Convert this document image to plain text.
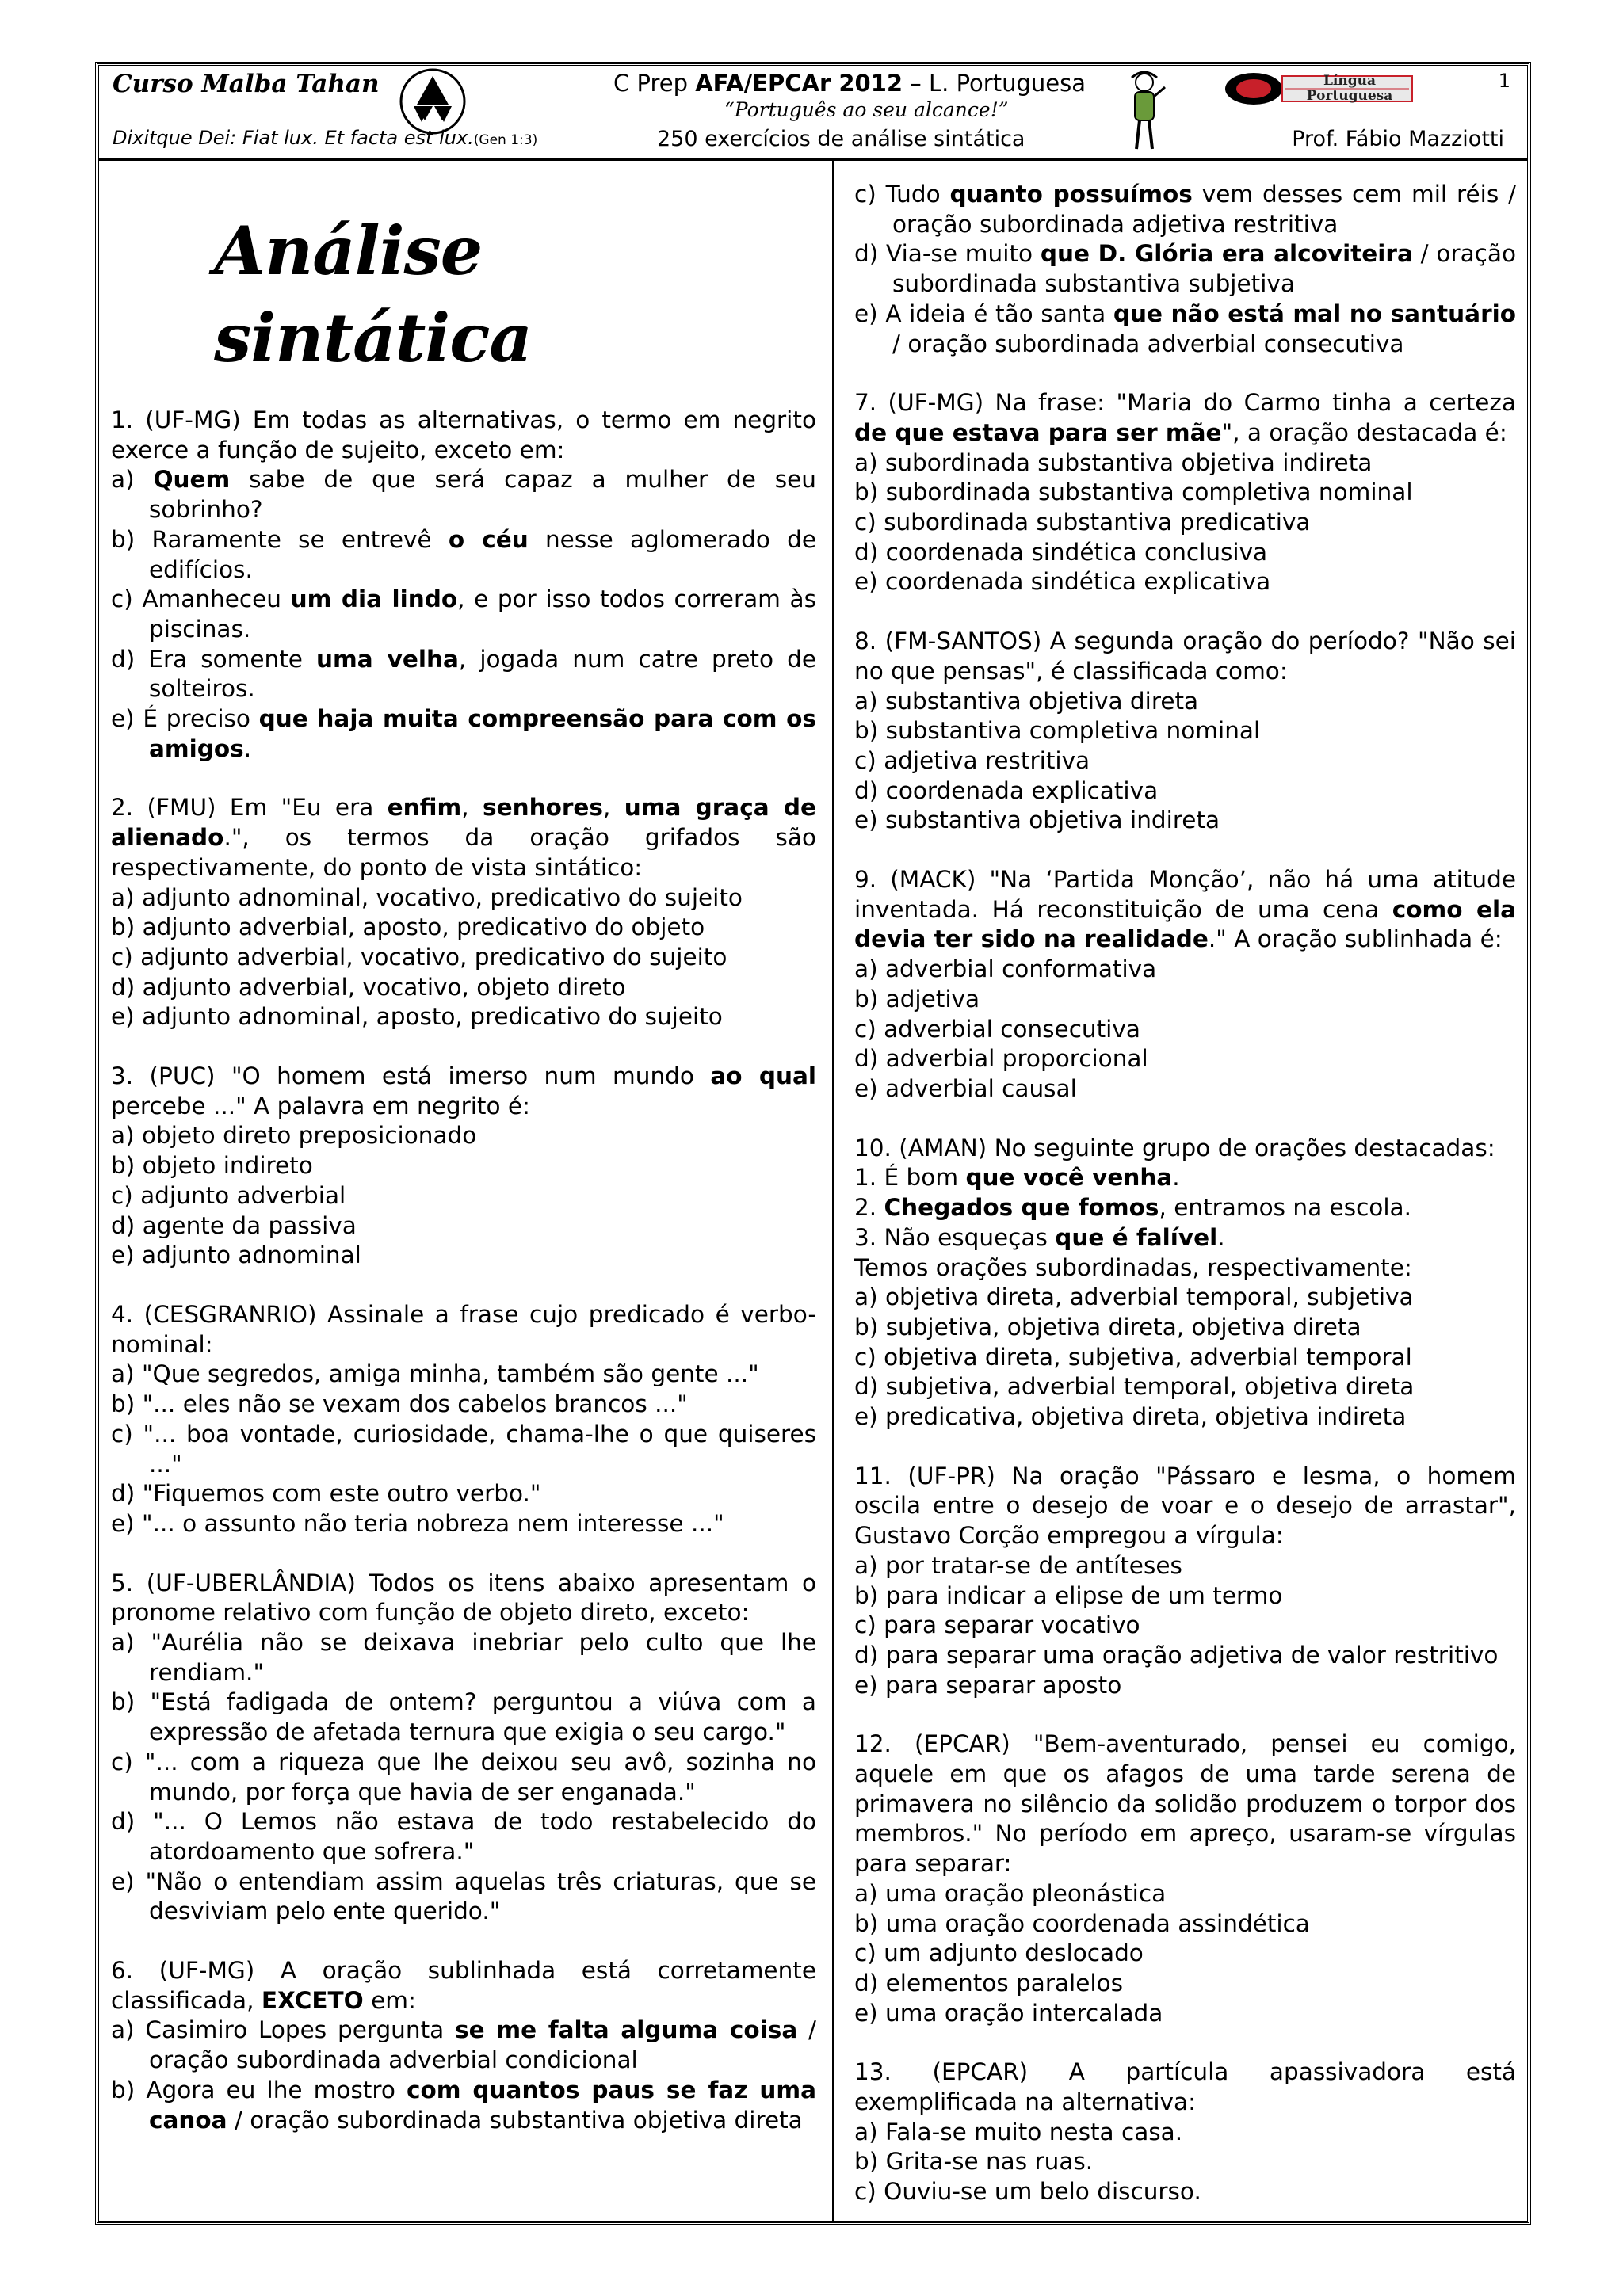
Curso Malba Tahan
Dixitque Dei: Fiat lux. Et facta est lux.(Gen 1:3)
C Prep AFA/EPCAr 2012 – L. Portuguesa
“Português ao seu alcance!”
250 exercícios de análise sintática	Prof. Fábio Mazziotti
1
Língua Portuguesa
Análise sintática

1. (UF-MG) Em todas as alternativas, o termo em negrito exerce a função de sujeito, exceto em:

a) Quem sabe de que será capaz a mulher de seu sobrinho?

b) Raramente se entrevê o céu nesse aglomerado de edifícios.

c) Amanheceu um dia lindo, e por isso todos correram às piscinas.

d) Era somente uma velha, jogada num catre preto de solteiros.

e) É preciso que haja muita compreensão para com os amigos.

2. (FMU) Em "Eu era enfim, senhores, uma graça de alienado.", os termos da oração grifados são respectivamente, do ponto de vista sintático:

a) adjunto adnominal, vocativo, predicativo do sujeito

b) adjunto adverbial, aposto, predicativo do objeto

c) adjunto adverbial, vocativo, predicativo do sujeito

d) adjunto adverbial, vocativo, objeto direto

e) adjunto adnominal, aposto, predicativo do sujeito

3. (PUC) "O homem está imerso num mundo ao qual percebe ..." A palavra em negrito é:

a) objeto direto preposicionado

b) objeto indireto

c) adjunto adverbial

d) agente da passiva

e) adjunto adnominal

4. (CESGRANRIO) Assinale a frase cujo predicado é verbo-nominal:

a) "Que segredos, amiga minha, também são gente ..."

b) "... eles não se vexam dos cabelos brancos ..."

c) "... boa vontade, curiosidade, chama-lhe o que quiseres ..."

d) "Fiquemos com este outro verbo."

e) "... o assunto não teria nobreza nem interesse ..."

5. (UF-UBERLÂNDIA) Todos os itens abaixo apresentam o pronome relativo com função de objeto direto, exceto:

a) "Aurélia não se deixava inebriar pelo culto que lhe rendiam."

b) "Está fadigada de ontem? perguntou a viúva com a expressão de afetada ternura que exigia o seu cargo."

c) "... com a riqueza que lhe deixou seu avô, sozinha no mundo, por força que havia de ser enganada."

d) "... O Lemos não estava de todo restabelecido do atordoamento que sofrera."

e) "Não o entendiam assim aquelas três criaturas, que se desviviam pelo ente querido."

6. (UF-MG) A oração sublinhada está corretamente classificada, EXCETO em:

a) Casimiro Lopes pergunta se me falta alguma coisa / oração subordinada adverbial condicional

b) Agora eu lhe mostro com quantos paus se faz uma canoa / oração subordinada substantiva objetiva direta

c) Tudo quanto possuímos vem desses cem mil réis / oração subordinada adjetiva restritiva

d) Via-se muito que D. Glória era alcoviteira / oração subordinada substantiva subjetiva

e) A ideia é tão santa que não está mal no santuário / oração subordinada adverbial consecutiva

7. (UF-MG) Na frase: "Maria do Carmo tinha a certeza de que estava para ser mãe", a oração destacada é:

a) subordinada substantiva objetiva indireta

b) subordinada substantiva completiva nominal

c) subordinada substantiva predicativa

d) coordenada sindética conclusiva

e) coordenada sindética explicativa

8. (FM-SANTOS) A segunda oração do período? "Não sei no que pensas", é classificada como:

a) substantiva objetiva direta

b) substantiva completiva nominal

c) adjetiva restritiva

d) coordenada explicativa

e) substantiva objetiva indireta

9. (MACK) "Na ‘Partida Monção’, não há uma atitude inventada. Há reconstituição de uma cena como ela devia ter sido na realidade." A oração sublinhada é:

a) adverbial conformativa

b) adjetiva

c) adverbial consecutiva

d) adverbial proporcional

e) adverbial causal

10. (AMAN) No seguinte grupo de orações destacadas:

1. É bom que você venha.

2. Chegados que fomos, entramos na escola.

3. Não esqueças que é falível.

Temos orações subordinadas, respectivamente:

a) objetiva direta, adverbial temporal, subjetiva

b) subjetiva, objetiva direta, objetiva direta

c) objetiva direta, subjetiva, adverbial temporal

d) subjetiva, adverbial temporal, objetiva direta

e) predicativa, objetiva direta, objetiva indireta

11. (UF-PR) Na oração "Pássaro e lesma, o homem oscila entre o desejo de voar e o desejo de arrastar", Gustavo Corção empregou a vírgula:

a) por tratar-se de antíteses

b) para indicar a elipse de um termo

c) para separar vocativo

d) para separar uma oração adjetiva de valor restritivo

e) para separar aposto

12. (EPCAR) "Bem-aventurado, pensei eu comigo, aquele em que os afagos de uma tarde serena de primavera no silêncio da solidão produzem o torpor dos membros." No período em apreço, usaram-se vírgulas para separar:

a) uma oração pleonástica

b) uma oração coordenada assindética

c) um adjunto deslocado

d) elementos paralelos

e) uma oração intercalada

13. (EPCAR) A partícula apassivadora está exemplificada na alternativa:

a) Fala-se muito nesta casa.

b) Grita-se nas ruas.

c) Ouviu-se um belo discurso.
